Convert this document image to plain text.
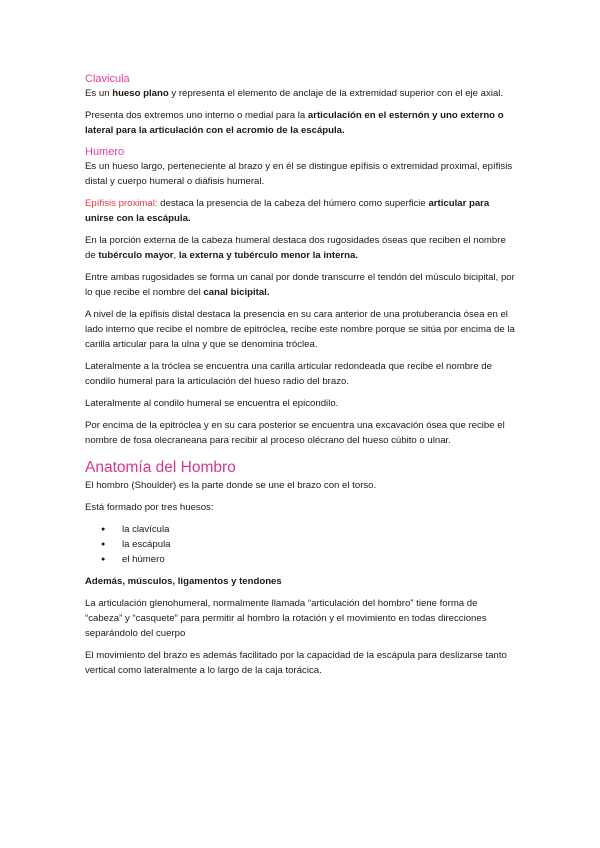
Clavicula

Es un hueso plano y representa el elemento de anclaje de la extremidad superior con el eje axial.

Presenta dos extremos uno interno o medial para la articulación en el esternón y uno externo o lateral para la articulación con el acromio de la escápula.

Humero

Es un hueso largo, perteneciente al brazo y en él se distingue epífisis o extremidad proximal, epífisis distal y cuerpo humeral o diáfisis humeral.

Epífisis proximal: destaca la presencia de la cabeza del húmero como superficie articular para unirse con la escápula.

En la porción externa de la cabeza humeral destaca dos rugosidades óseas que reciben el nombre de tubérculo mayor, la externa y tubérculo menor la interna.

Entre ambas rugosidades se forma un canal por donde transcurre el tendón del músculo bicipital, por lo que recibe el nombre del canal bicipital.

A nivel de la epífisis distal destaca la presencia en su cara anterior de una protuberancia ósea en el lado interno que recibe el nombre de epitróclea, recibe este nombre porque se sitúa por encima de la carilla articular para la ulna y que se denomina tróclea.

Lateralmente a la tróclea se encuentra una carilla articular redondeada que recibe el nombre de condilo humeral para la articulación del hueso radio del brazo.

Lateralmente al condilo humeral se encuentra el epicondilo.

Por encima de la epitróclea y en su cara posterior se encuentra una excavación ósea que recibe el nombre de fosa olecraneana para recibir al proceso olécrano del hueso cúbito o ulnar.

Anatomía del Hombro

El hombro (Shoulder) es la parte donde se une el brazo con el torso.

Está formado por tres huesos:

● la clavícula
● la escápula
● el húmero

Además, músculos, ligamentos y tendones

La articulación glenohumeral, normalmente llamada “articulación del hombro” tiene forma de “cabeza” y “casquete” para permitir al hombro la rotación y el movimiento en todas direcciones separándolo del cuerpo

El movimiento del brazo es además facilitado por la capacidad de la escápula para deslizarse tanto vertical como lateralmente a lo largo de la caja torácica.
